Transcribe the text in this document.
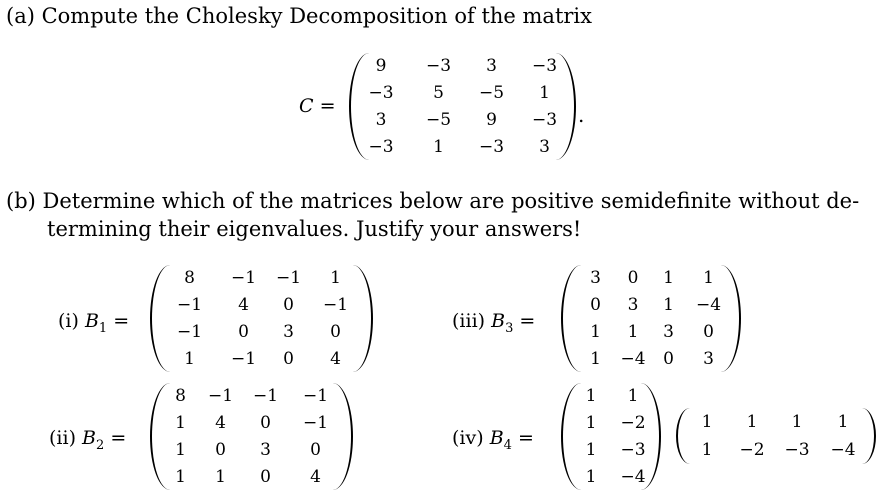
(a) Compute the Cholesky Decomposition of the matrix
C =
9	−3	3	−3
−3	5	−5	1
3	−5	9	−3
−3	1	−3	3
.
(b) Determine which of the matrices below are positive semidefinite without de-
termining their eigenvalues. Justify your answers!
(i) $B_1$ =
8	−1	−1	1
−1	4	0	−1
−1	0	3	0
1	−1	0	4
(ii) $B_2$ =
8	−1	−1	−1
1	4	0	−1
1	0	3	0
1	1	0	4
(iii) $B_3$ =
3	0	1	1
0	3	1	−4
1	1	3	0
1	−4	0	3
(iv) $B_4$ =
1	1
1	−2
1	−3
1	−4
1	1	1	1
1	−2	−3	−4
